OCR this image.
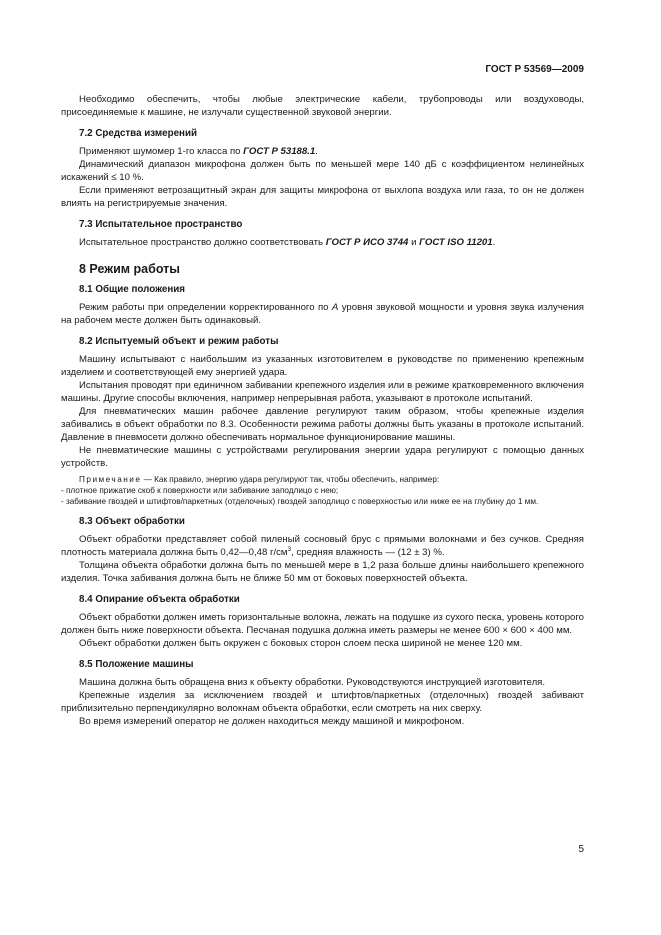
ГОСТ Р 53569—2009

Необходимо обеспечить, чтобы любые электрические кабели, трубопроводы или воздуховоды, присоединяемые к машине, не излучали существенной звуковой энергии.

7.2 Средства измерений

Применяют шумомер 1-го класса по ГОСТ Р 53188.1.

Динамический диапазон микрофона должен быть по меньшей мере 140 дБ с коэффициентом нелинейных искажений ≤ 10 %.

Если применяют ветрозащитный экран для защиты микрофона от выхлопа воздуха или газа, то он не должен влиять на регистрируемые значения.

7.3 Испытательное пространство

Испытательное пространство должно соответствовать ГОСТ Р ИСО 3744 и ГОСТ ISO 11201.

8 Режим работы
8.1 Общие положения

Режим работы при определении корректированного по А уровня звуковой мощности и уровня звука излучения на рабочем месте должен быть одинаковый.

8.2 Испытуемый объект и режим работы

Машину испытывают с наибольшим из указанных изготовителем в руководстве по применению крепежным изделием и соответствующей ему энергией удара.

Испытания проводят при единичном забивании крепежного изделия или в режиме кратковременного включения машины. Другие способы включения, например непрерывная работа, указывают в протоколе испытаний.

Для пневматических машин рабочее давление регулируют таким образом, чтобы крепежные изделия забивались в объект обработки по 8.3. Особенности режима работы должны быть указаны в протоколе испытаний. Давление в пневмосети должно обеспечивать нормальное функционирование машины.

Не пневматические машины с устройствами регулирования энергии удара регулируют с помощью данных устройств.

Примечание — Как правило, энергию удара регулируют так, чтобы обеспечить, например:

- плотное прижатие скоб к поверхности или забивание заподлицо с нею;

- забивание гвоздей и штифтов/паркетных (отделочных) гвоздей заподлицо с поверхностью или ниже ее на глубину до 1 мм.

8.3 Объект обработки

Объект обработки представляет собой пиленый сосновый брус с прямыми волокнами и без сучков. Средняя плотность материала должна быть 0,42—0,48 $г/см^3$, средняя влажность — (12 ± 3) %.

Толщина объекта обработки должна быть по меньшей мере в 1,2 раза больше длины наибольшего крепежного изделия. Точка забивания должна быть не ближе 50 мм от боковых поверхностей объекта.

8.4 Опирание объекта обработки

Объект обработки должен иметь горизонтальные волокна, лежать на подушке из сухого песка, уровень которого должен быть ниже поверхности объекта. Песчаная подушка должна иметь размеры не менее 600 × 600 × 400 мм.

Объект обработки должен быть окружен с боковых сторон слоем песка шириной не менее 120 мм.

8.5 Положение машины

Машина должна быть обращена вниз к объекту обработки. Руководствуются инструкцией изготовителя.

Крепежные изделия за исключением гвоздей и штифтов/паркетных (отделочных) гвоздей забивают приблизительно перпендикулярно волокнам объекта обработки, если смотреть на них сверху.

Во время измерений оператор не должен находиться между машиной и микрофоном.

5
